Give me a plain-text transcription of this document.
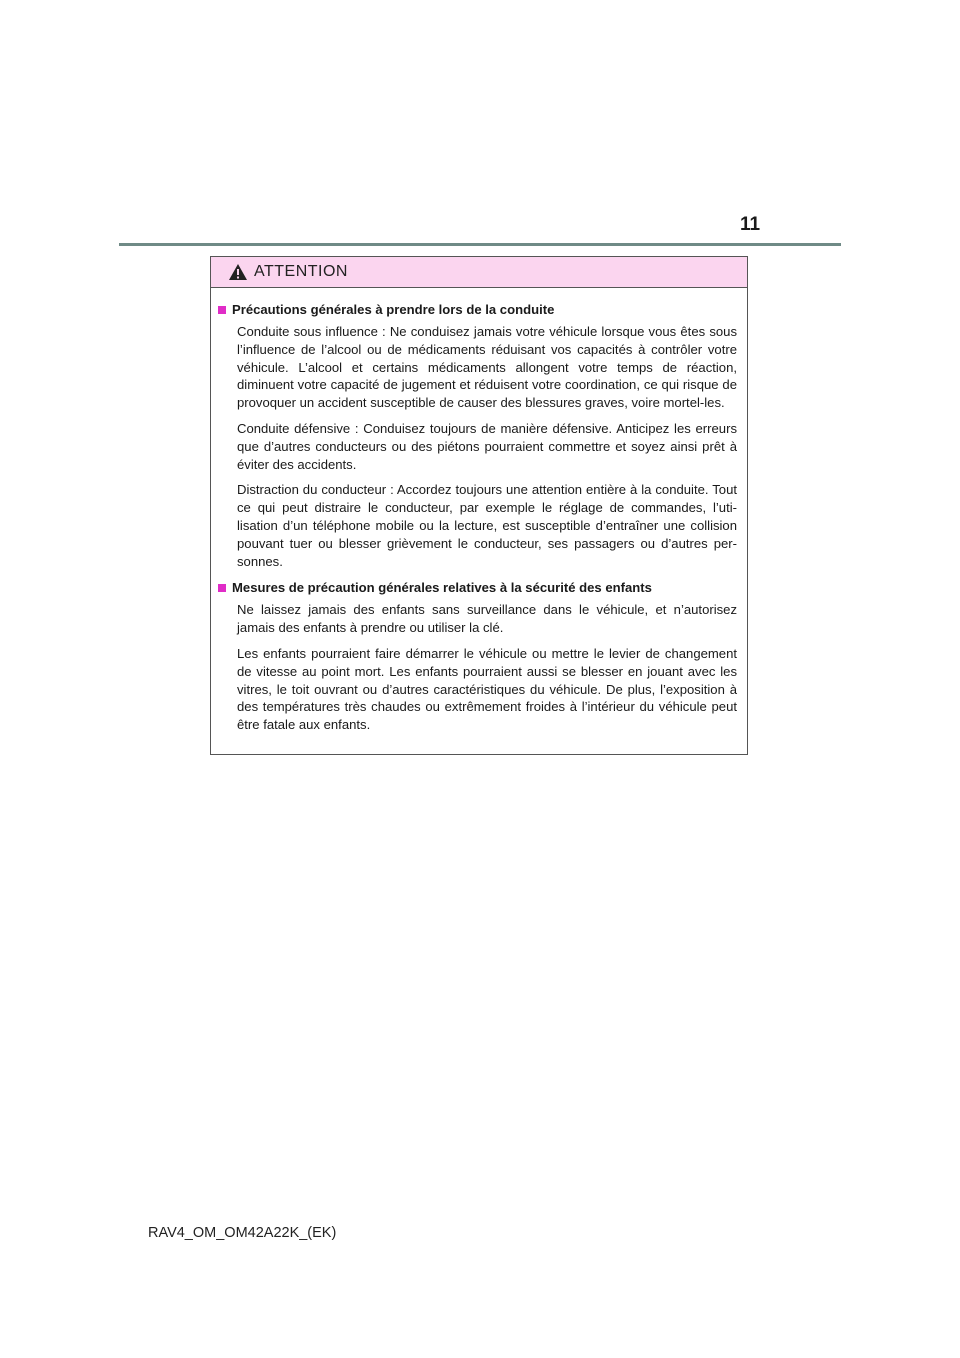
11
ATTENTION
Précautions générales à prendre lors de la conduite

Conduite sous influence : Ne conduisez jamais votre véhicule lorsque vous êtes sous l’influence de l’alcool ou de médicaments réduisant vos capacités à contrôler votre véhicule. L’alcool et certains médicaments allongent votre temps de réaction, diminuent votre capacité de jugement et réduisent votre coordination, ce qui risque de provoquer un accident susceptible de causer des blessures graves, voire mortel-les.

Conduite défensive : Conduisez toujours de manière défensive. Anticipez les erreurs que d’autres conducteurs ou des piétons pourraient commettre et soyez ainsi prêt à éviter des accidents.

Distraction du conducteur : Accordez toujours une attention entière à la conduite. Tout ce qui peut distraire le conducteur, par exemple le réglage de commandes, l’uti-lisation d’un téléphone mobile ou la lecture, est susceptible d’entraîner une collision pouvant tuer ou blesser grièvement le conducteur, ses passagers ou d’autres per-sonnes.

Mesures de précaution générales relatives à la sécurité des enfants

Ne laissez jamais des enfants sans surveillance dans le véhicule, et n’autorisez jamais des enfants à prendre ou utiliser la clé.

Les enfants pourraient faire démarrer le véhicule ou mettre le levier de changement de vitesse au point mort. Les enfants pourraient aussi se blesser en jouant avec les vitres, le toit ouvrant ou d’autres caractéristiques du véhicule. De plus, l’exposition à des températures très chaudes ou extrêmement froides à l’intérieur du véhicule peut être fatale aux enfants.

RAV4_OM_OM42A22K_(EK)
